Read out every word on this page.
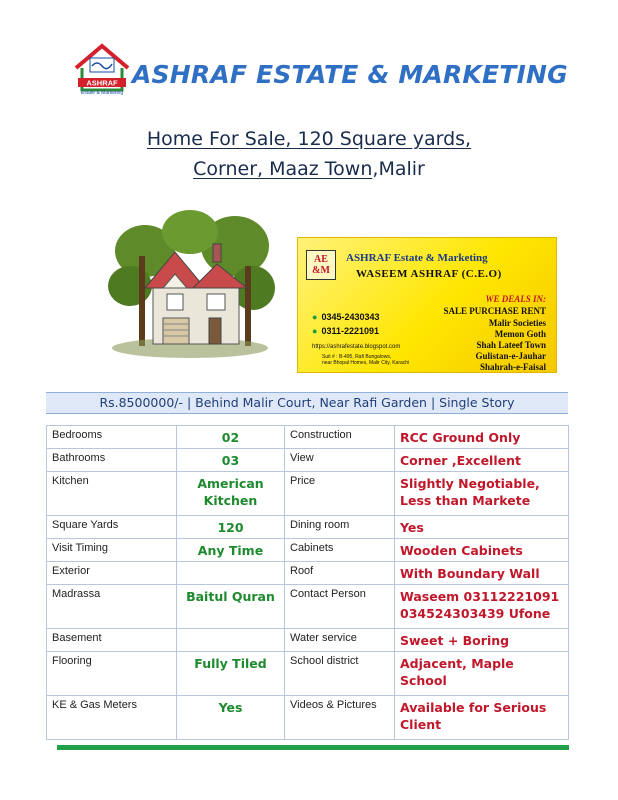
ASHRAF
Estate & Marketing
ASHRAF ESTATE & MARKETING
Home For Sale, 120 Square yards,
Corner, Maaz Town,Malir
AE
&M
ASHRAF Estate & Marketing
WASEEM ASHRAF (C.E.O)
WE DEALS IN:
SALE PURCHASE RENT
Malir Societies
Memon Goth
Shah Lateef Town
Gulistan-e-Jauhar
Shahrah-e-Faisal
● 0345-2430343
● 0311-2221091
https://ashrafestate.blogspot.com
Suit # : B-495, Rafi Bungalows,
near Bhopal Homes, Malir City, Karachi
Rs.8500000/- | Behind Malir Court, Near Rafi Garden | Single Story
Bedrooms	02	Construction	RCC Ground Only
Bathrooms	03	View	Corner ,Excellent
Kitchen	American Kitchen	Price	Slightly Negotiable, Less than Markete
Square Yards	120	Dining room	Yes
Visit Timing	Any Time	Cabinets	Wooden Cabinets
Exterior		Roof	With Boundary Wall
Madrassa	Baitul Quran	Contact Person	Waseem 03112221091 034524303439 Ufone
Basement		Water service	Sweet + Boring
Flooring	Fully Tiled	School district	Adjacent, Maple School
KE & Gas Meters	Yes	Videos & Pictures	Available for Serious Client
